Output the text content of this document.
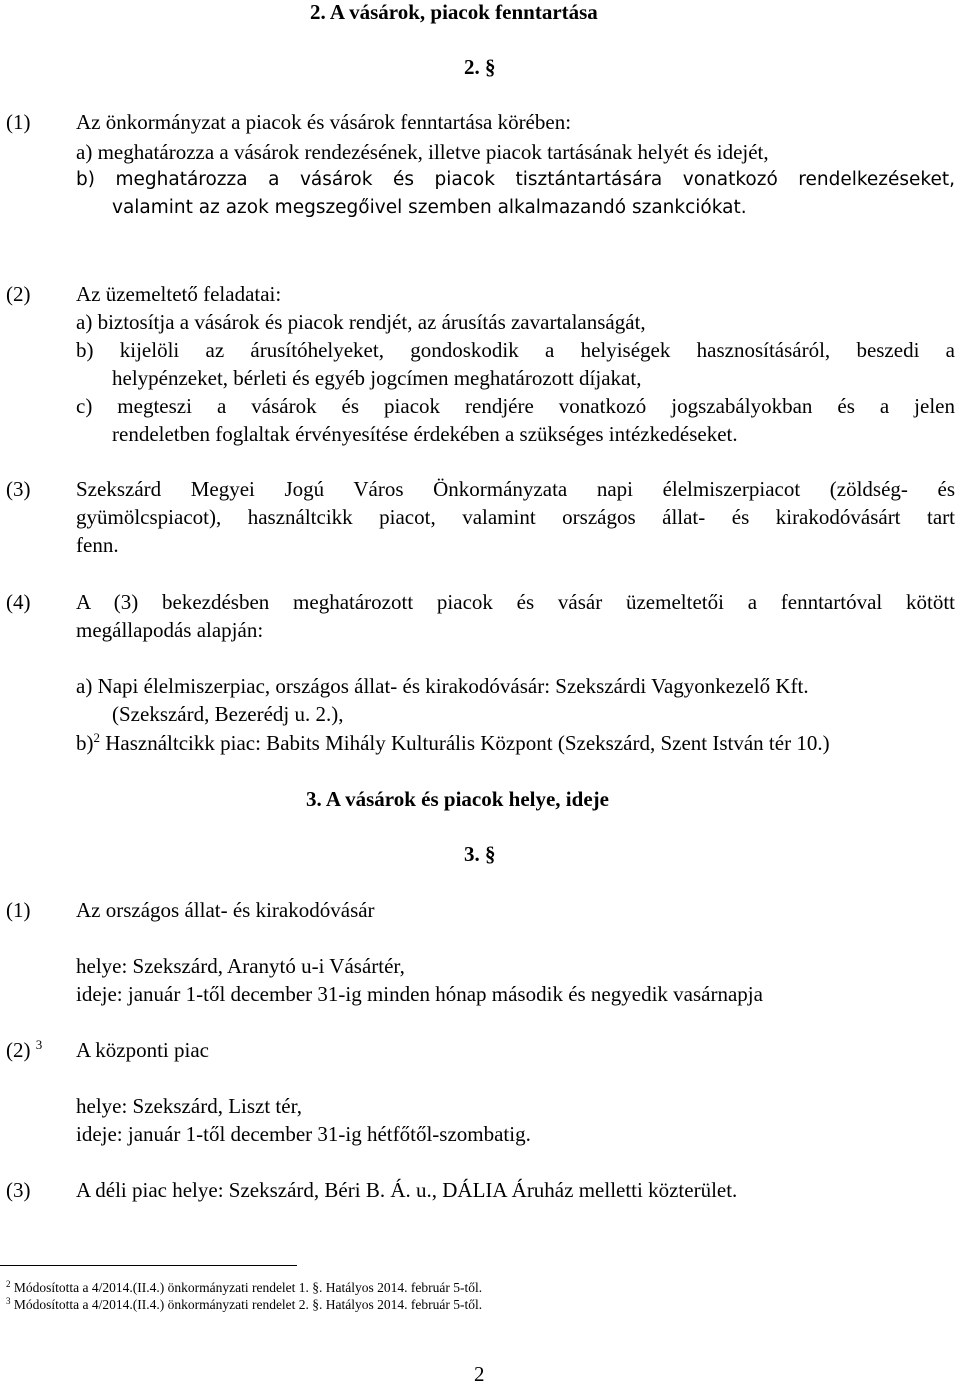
2. A vásárok, piacok fenntartása
2. §
(1) Az önkormányzat a piacok és vásárok fenntartása körében:
a) meghatározza a vásárok rendezésének, illetve piacok tartásának helyét és idejét,
b) meghatározza a vásárok és piacok tisztántartására vonatkozó rendelkezéseket,
valamint az azok megszegőivel szemben alkalmazandó szankciókat.
(2) Az üzemeltető feladatai:
a) biztosítja a vásárok és piacok rendjét, az árusítás zavartalanságát,
b) kijelöli az árusítóhelyeket, gondoskodik a helyiségek hasznosításáról, beszedi a
helypénzeket, bérleti és egyéb jogcímen meghatározott díjakat,
c) megteszi a vásárok és piacok rendjére vonatkozó jogszabályokban és a jelen
rendeletben foglaltak érvényesítése érdekében a szükséges intézkedéseket.
(3) Szekszárd Megyei Jogú Város Önkormányzata napi élelmiszerpiacot (zöldség- és
gyümölcspiacot), használtcikk piacot, valamint országos állat- és kirakodóvásárt tart
fenn.
(4) A (3) bekezdésben meghatározott piacok és vásár üzemeltetői a fenntartóval kötött
megállapodás alapján:
a) Napi élelmiszerpiac, országos állat- és kirakodóvásár: Szekszárdi Vagyonkezelő Kft.
(Szekszárd, Bezerédj u. 2.),
b)$^2$ Használtcikk piac: Babits Mihály Kulturális Központ (Szekszárd, Szent István tér 10.)
3. A vásárok és piacok helye, ideje
3. §
(1) Az országos állat- és kirakodóvásár
helye: Szekszárd, Aranytó u-i Vásártér,
ideje: január 1-től december 31-ig minden hónap második és negyedik vasárnapja
(2) $^3$ A központi piac
helye: Szekszárd, Liszt tér,
ideje: január 1-től december 31-ig hétfőtől-szombatig.
(3) A déli piac helye: Szekszárd, Béri B. Á. u., DÁLIA Áruház melletti közterület.
$^2$ Módosította a 4/2014.(II.4.) önkormányzati rendelet 1. §. Hatályos 2014. február 5-től.
$^3$ Módosította a 4/2014.(II.4.) önkormányzati rendelet 2. §. Hatályos 2014. február 5-től.
2
